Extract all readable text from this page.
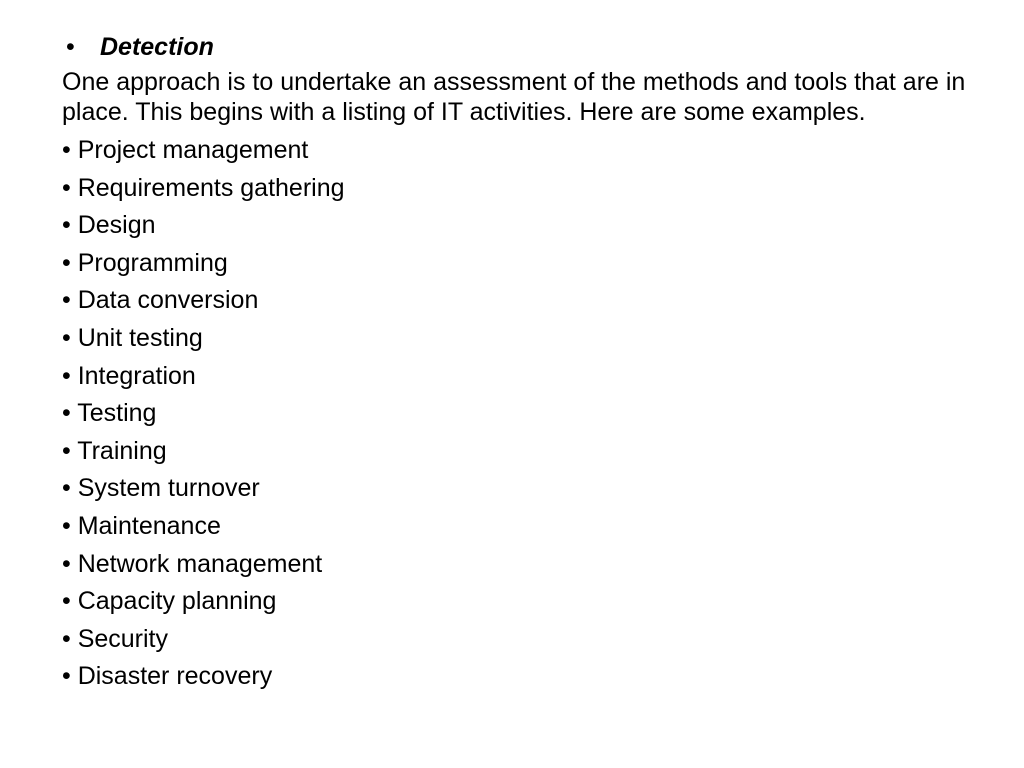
•	Detection
One approach is to undertake an assessment of the methods and tools that are in place. This begins with a listing of IT activities. Here are some examples.
• Project management
• Requirements gathering
• Design
• Programming
• Data conversion
• Unit testing
• Integration
• Testing
• Training
• System turnover
• Maintenance
• Network management
• Capacity planning
• Security
• Disaster recovery
